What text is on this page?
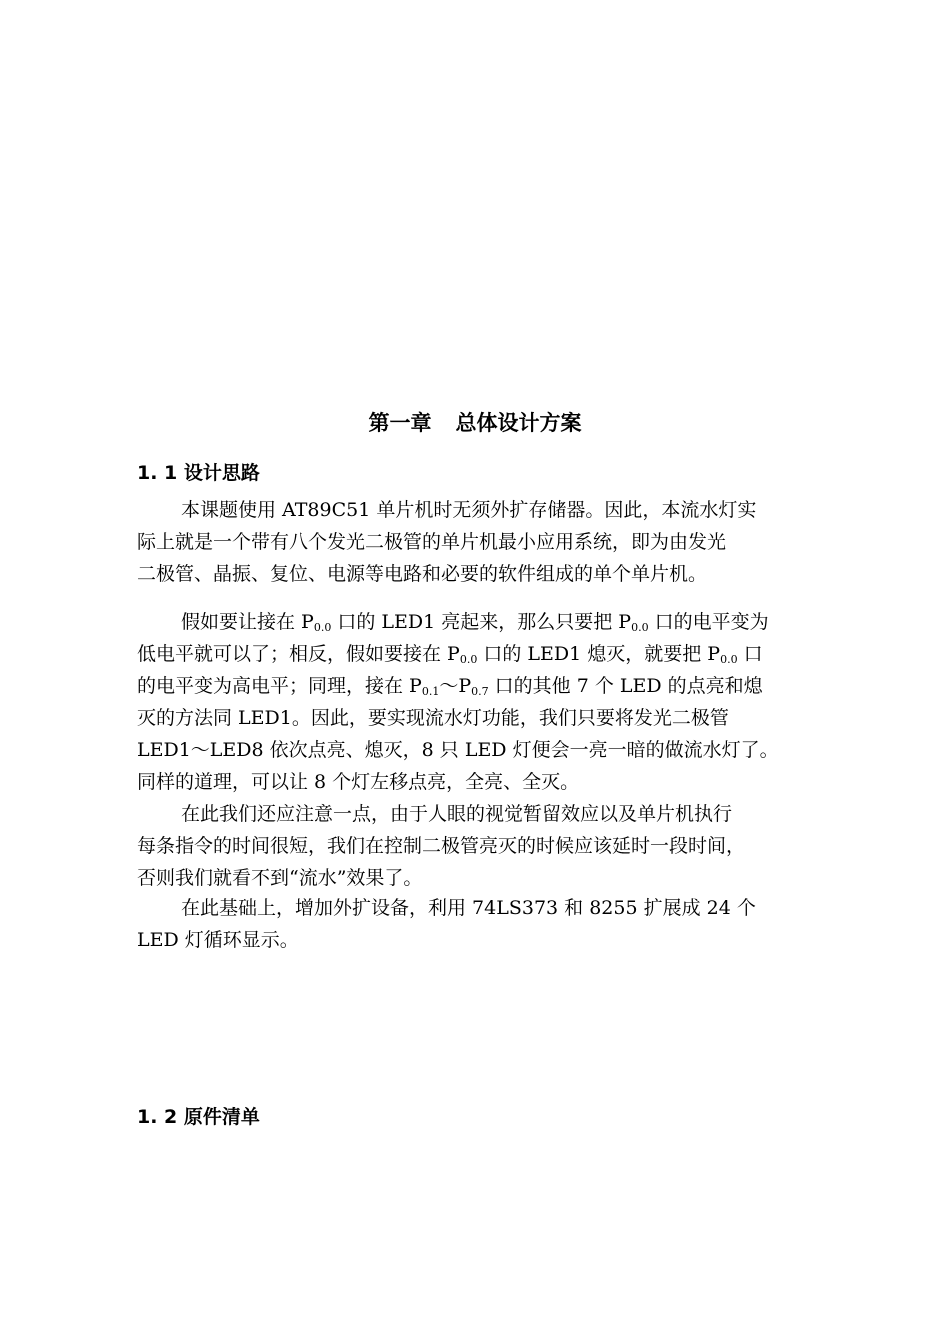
第一章 总体设计方案
1. 1 设计思路
本课题使用 AT89C51 单片机时无须外扩存储器。因此，本流水灯实
际上就是一个带有八个发光二极管的单片机最小应用系统，即为由发光
二极管、晶振、复位、电源等电路和必要的软件组成的单个单片机。
假如要让接在 $P_{0.0}$ 口的 LED1 亮起来，那么只要把 $P_{0.0}$ 口的电平变为
低电平就可以了；相反，假如要接在 $P_{0.0}$ 口的 LED1 熄灭，就要把 $P_{0.0}$ 口
的电平变为高电平；同理，接在 $P_{0.1}\sim P_{0.7}$ 口的其他 7 个 LED 的点亮和熄
灭的方法同 LED1。因此，要实现流水灯功能，我们只要将发光二极管
LED1～LED8 依次点亮、熄灭，8 只 LED 灯便会一亮一暗的做流水灯了。
同样的道理，可以让 8 个灯左移点亮，全亮、全灭。
在此我们还应注意一点，由于人眼的视觉暂留效应以及单片机执行
每条指令的时间很短，我们在控制二极管亮灭的时候应该延时一段时间，
否则我们就看不到“流水”效果了。
在此基础上，增加外扩设备，利用 74LS373 和 8255 扩展成 24 个
LED 灯循环显示。
1. 2 原件清单
